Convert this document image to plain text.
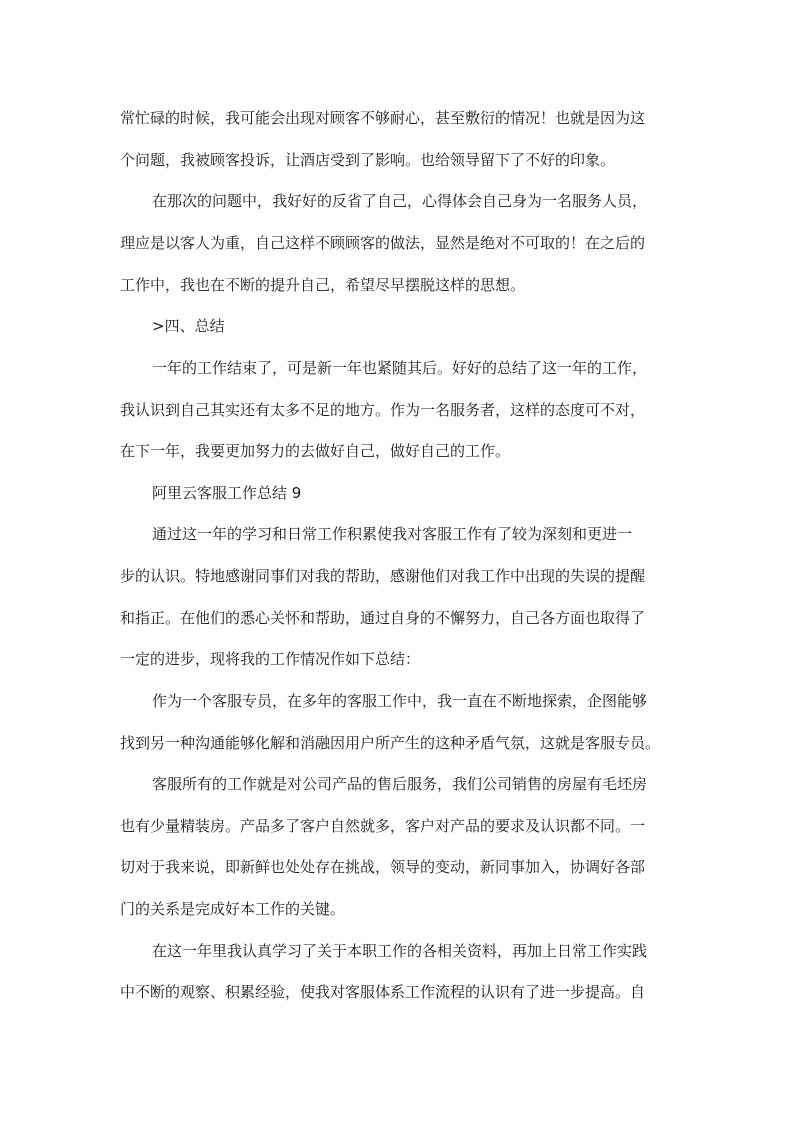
常忙碌的时候，我可能会出现对顾客不够耐心，甚至敷衍的情况！也就是因为这
个问题，我被顾客投诉，让酒店受到了影响。也给领导留下了不好的印象。
在那次的问题中，我好好的反省了自己，心得体会自己身为一名服务人员，
理应是以客人为重，自己这样不顾顾客的做法，显然是绝对不可取的！在之后的
工作中，我也在不断的提升自己，希望尽早摆脱这样的思想。
>四、总结
一年的工作结束了，可是新一年也紧随其后。好好的总结了这一年的工作，
我认识到自己其实还有太多不足的地方。作为一名服务者，这样的态度可不对，
在下一年，我要更加努力的去做好自己，做好自己的工作。
阿里云客服工作总结 9
通过这一年的学习和日常工作积累使我对客服工作有了较为深刻和更进一
步的认识。特地感谢同事们对我的帮助，感谢他们对我工作中出现的失误的提醒
和指正。在他们的悉心关怀和帮助，通过自身的不懈努力，自己各方面也取得了
一定的进步，现将我的工作情况作如下总结：
作为一个客服专员，在多年的客服工作中，我一直在不断地探索，企图能够
找到另一种沟通能够化解和消融因用户所产生的这种矛盾气氛，这就是客服专员。
客服所有的工作就是对公司产品的售后服务，我们公司销售的房屋有毛坯房
也有少量精装房。产品多了客户自然就多，客户对产品的要求及认识都不同。一
切对于我来说，即新鲜也处处存在挑战，领导的变动，新同事加入，协调好各部
门的关系是完成好本工作的关键。
在这一年里我认真学习了关于本职工作的各相关资料，再加上日常工作实践
中不断的观察、积累经验，使我对客服体系工作流程的认识有了进一步提高。自
